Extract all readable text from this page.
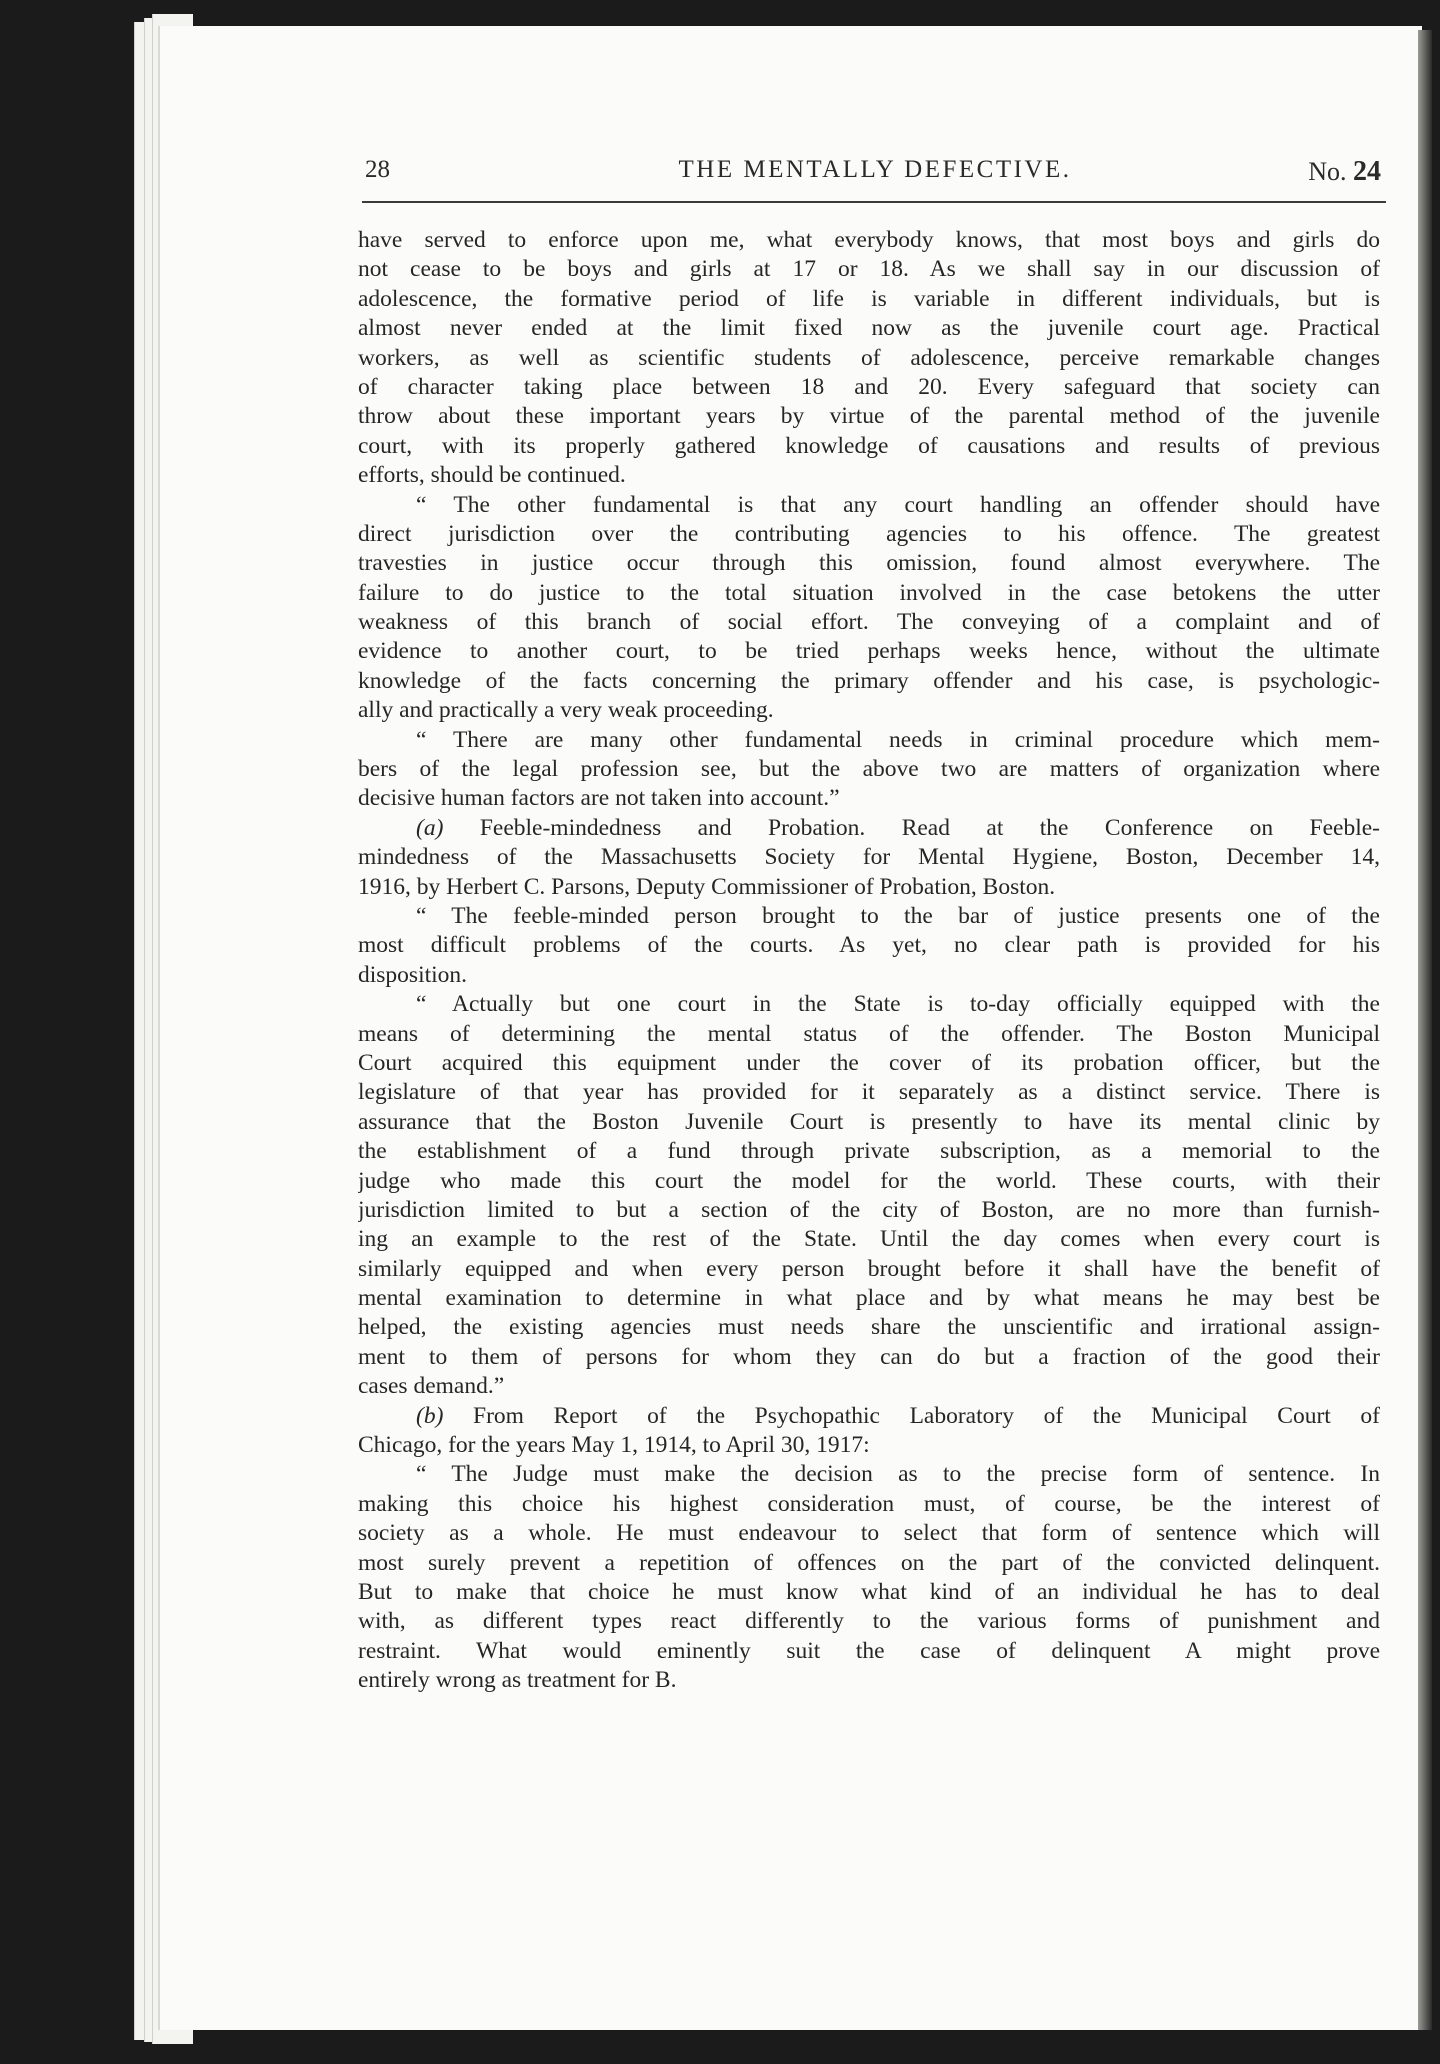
28	THE MENTALLY DEFECTIVE.	No. 24
have served to enforce upon me, what everybody knows, that most boys and girls do
not cease to be boys and girls at 17 or 18. As we shall say in our discussion of
adolescence, the formative period of life is variable in different individuals, but is
almost never ended at the limit fixed now as the juvenile court age. Practical
workers, as well as scientific students of adolescence, perceive remarkable changes
of character taking place between 18 and 20. Every safeguard that society can
throw about these important years by virtue of the parental method of the juvenile
court, with its properly gathered knowledge of causations and results of previous
efforts, should be continued.
“ The other fundamental is that any court handling an offender should have
direct jurisdiction over the contributing agencies to his offence. The greatest
travesties in justice occur through this omission, found almost everywhere. The
failure to do justice to the total situation involved in the case betokens the utter
weakness of this branch of social effort. The conveying of a complaint and of
evidence to another court, to be tried perhaps weeks hence, without the ultimate
knowledge of the facts concerning the primary offender and his case, is psychologic-
ally and practically a very weak proceeding.
“ There are many other fundamental needs in criminal procedure which mem-
bers of the legal profession see, but the above two are matters of organization where
decisive human factors are not taken into account.”
(a) Feeble-mindedness and Probation. Read at the Conference on Feeble-
mindedness of the Massachusetts Society for Mental Hygiene, Boston, December 14,
1916, by Herbert C. Parsons, Deputy Commissioner of Probation, Boston.
“ The feeble-minded person brought to the bar of justice presents one of the
most difficult problems of the courts. As yet, no clear path is provided for his
disposition.
“ Actually but one court in the State is to-day officially equipped with the
means of determining the mental status of the offender. The Boston Municipal
Court acquired this equipment under the cover of its probation officer, but the
legislature of that year has provided for it separately as a distinct service. There is
assurance that the Boston Juvenile Court is presently to have its mental clinic by
the establishment of a fund through private subscription, as a memorial to the
judge who made this court the model for the world. These courts, with their
jurisdiction limited to but a section of the city of Boston, are no more than furnish-
ing an example to the rest of the State. Until the day comes when every court is
similarly equipped and when every person brought before it shall have the benefit of
mental examination to determine in what place and by what means he may best be
helped, the existing agencies must needs share the unscientific and irrational assign-
ment to them of persons for whom they can do but a fraction of the good their
cases demand.”
(b) From Report of the Psychopathic Laboratory of the Municipal Court of
Chicago, for the years May 1, 1914, to April 30, 1917:
“ The Judge must make the decision as to the precise form of sentence. In
making this choice his highest consideration must, of course, be the interest of
society as a whole. He must endeavour to select that form of sentence which will
most surely prevent a repetition of offences on the part of the convicted delinquent.
But to make that choice he must know what kind of an individual he has to deal
with, as different types react differently to the various forms of punishment and
restraint. What would eminently suit the case of delinquent A might prove
entirely wrong as treatment for B.
